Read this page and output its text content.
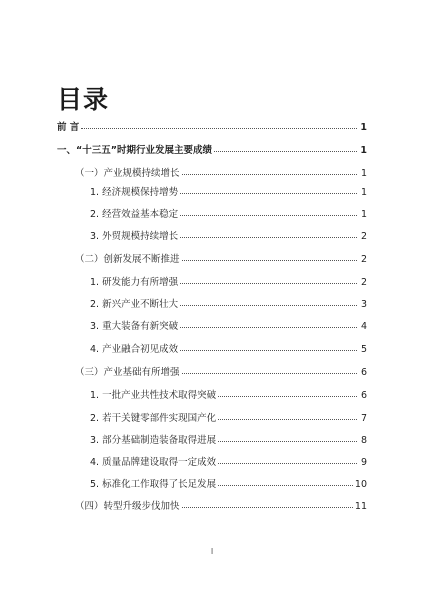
目录
前 言	1
一、“十三五”时期行业发展主要成绩	1
（一）产业规模持续增长	1
1. 经济规模保持增势	1
2. 经营效益基本稳定	1
3. 外贸规模持续增长	2
（二）创新发展不断推进	2
1. 研发能力有所增强	2
2. 新兴产业不断壮大	3
3. 重大装备有新突破	4
4. 产业融合初见成效	5
（三）产业基础有所增强	6
1. 一批产业共性技术取得突破	6
2. 若干关键零部件实现国产化	7
3. 部分基础制造装备取得进展	8
4. 质量品牌建设取得一定成效	9
5. 标准化工作取得了长足发展	10
（四）转型升级步伐加快	11
I
